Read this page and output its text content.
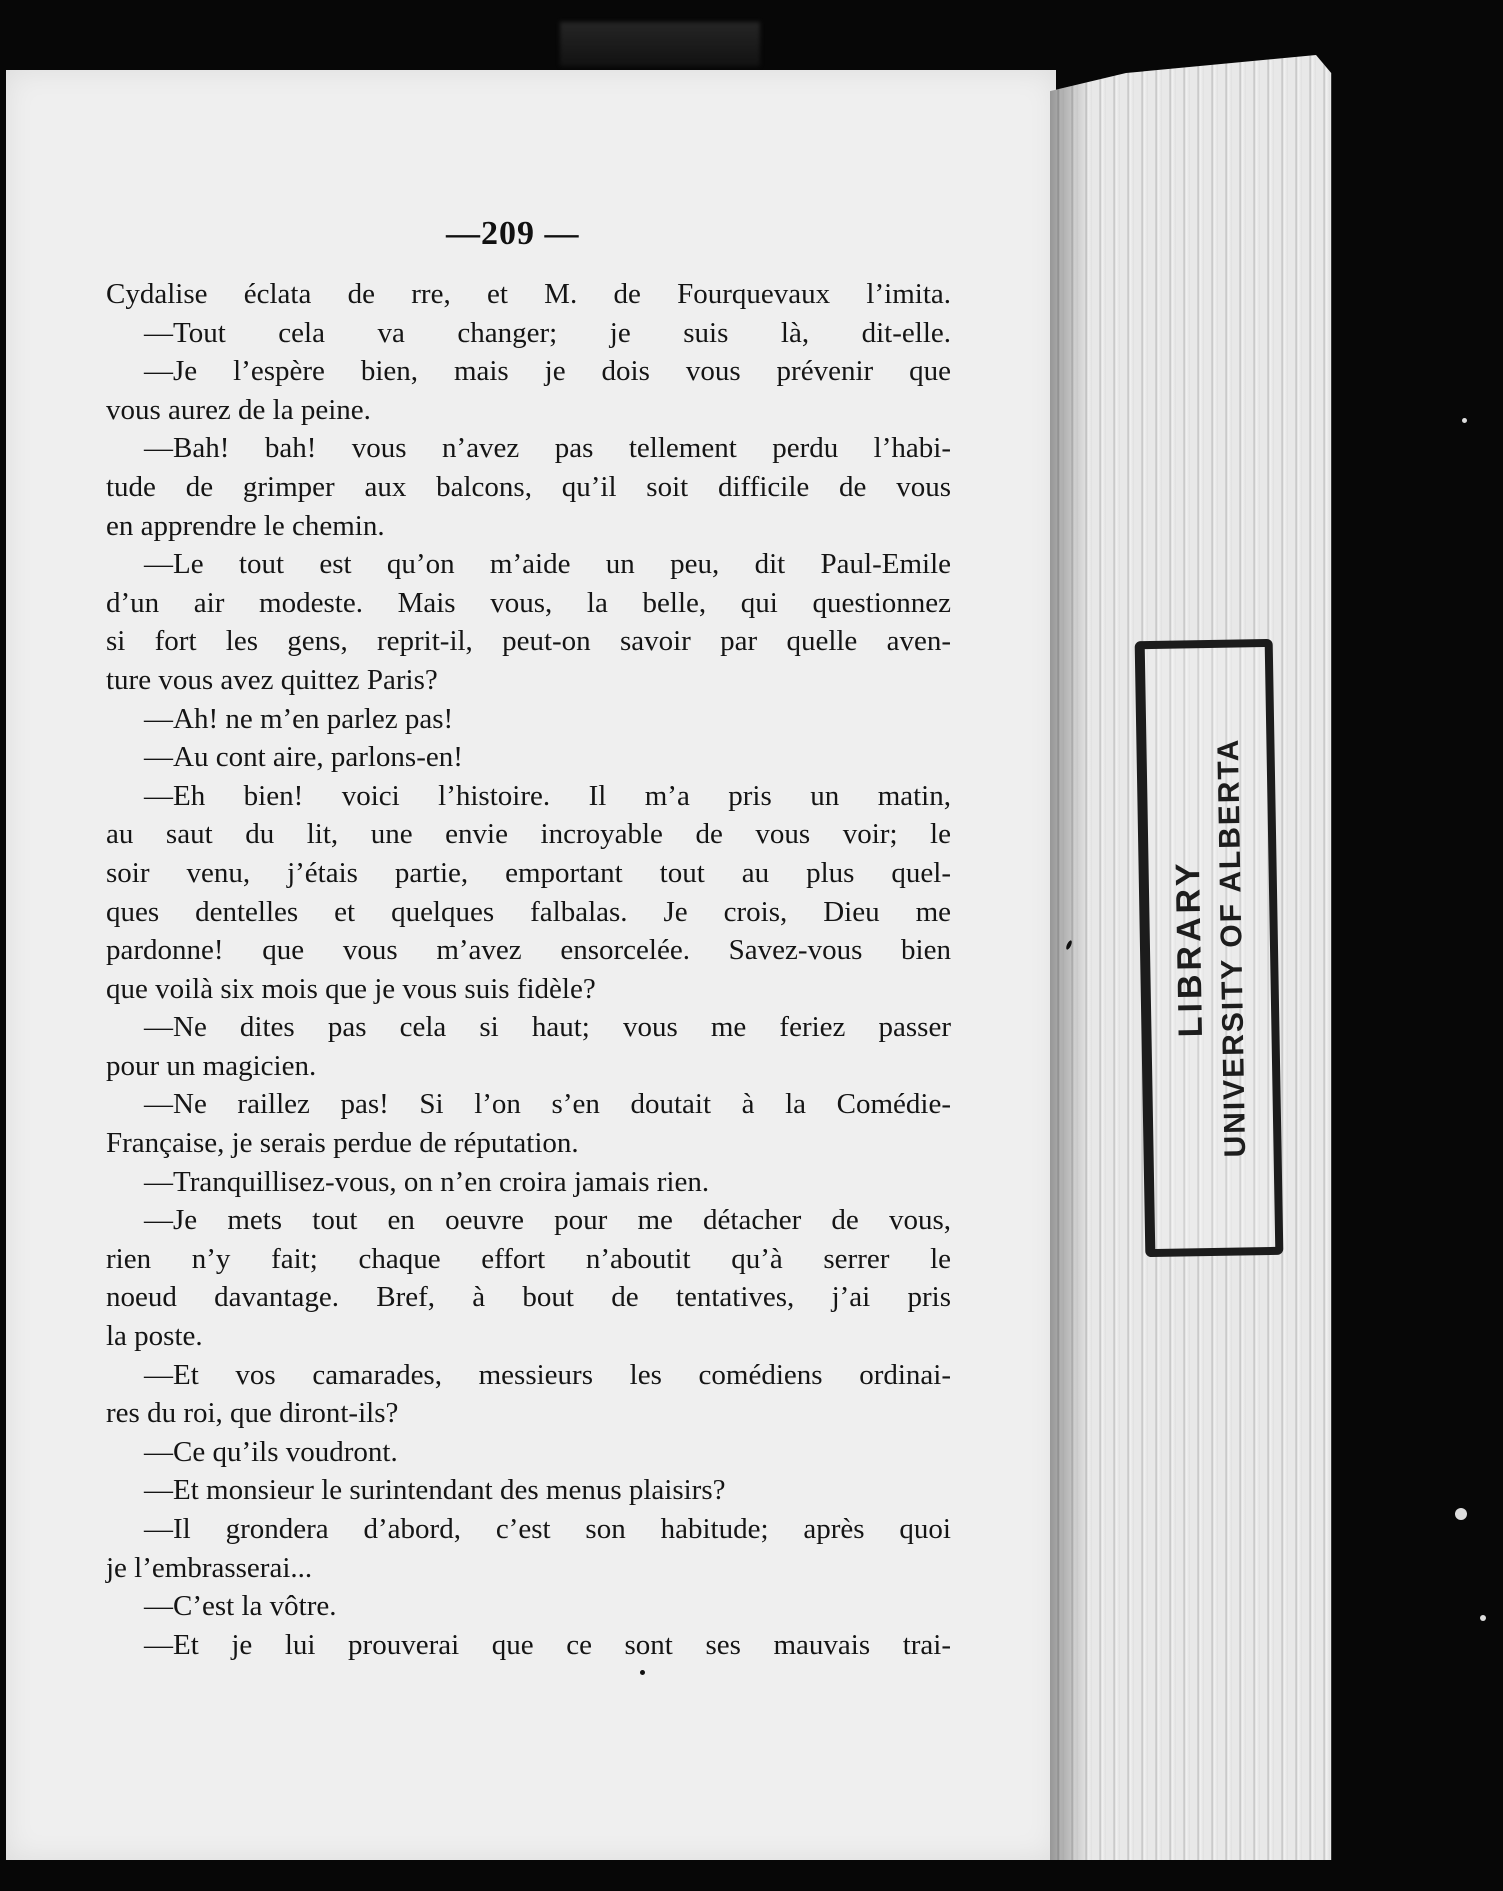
—209 —
Cydalise éclata de rre, et M. de Fourquevaux l’imita.
—Tout cela va changer; je suis là, dit-elle.
—Je l’espère bien, mais je dois vous prévenir que
vous aurez de la peine.
—Bah! bah! vous n’avez pas tellement perdu l’habi-
tude de grimper aux balcons, qu’il soit difficile de vous
en apprendre le chemin.
—Le tout est qu’on m’aide un peu, dit Paul-Emile
d’un air modeste. Mais vous, la belle, qui questionnez
si fort les gens, reprit-il, peut-on savoir par quelle aven-
ture vous avez quittez Paris?
—Ah! ne m’en parlez pas!
—Au cont aire, parlons-en!
—Eh bien! voici l’histoire. Il m’a pris un matin,
au saut du lit, une envie incroyable de vous voir; le
soir venu, j’étais partie, emportant tout au plus quel-
ques dentelles et quelques falbalas. Je crois, Dieu me
pardonne! que vous m’avez ensorcelée. Savez-vous bien
que voilà six mois que je vous suis fidèle?
—Ne dites pas cela si haut; vous me feriez passer
pour un magicien.
—Ne raillez pas! Si l’on s’en doutait à la Comédie-
Française, je serais perdue de réputation.
—Tranquillisez-vous, on n’en croira jamais rien.
—Je mets tout en oeuvre pour me détacher de vous,
rien n’y fait; chaque effort n’aboutit qu’à serrer le
noeud davantage. Bref, à bout de tentatives, j’ai pris
la poste.
—Et vos camarades, messieurs les comédiens ordinai-
res du roi, que diront-ils?
—Ce qu’ils voudront.
—Et monsieur le surintendant des menus plaisirs?
—Il grondera d’abord, c’est son habitude; après quoi
je l’embrasserai...
—C’est la vôtre.
—Et je lui prouverai que ce sont ses mauvais trai-
LIBRARY UNIVERSITY OF ALBERTA
